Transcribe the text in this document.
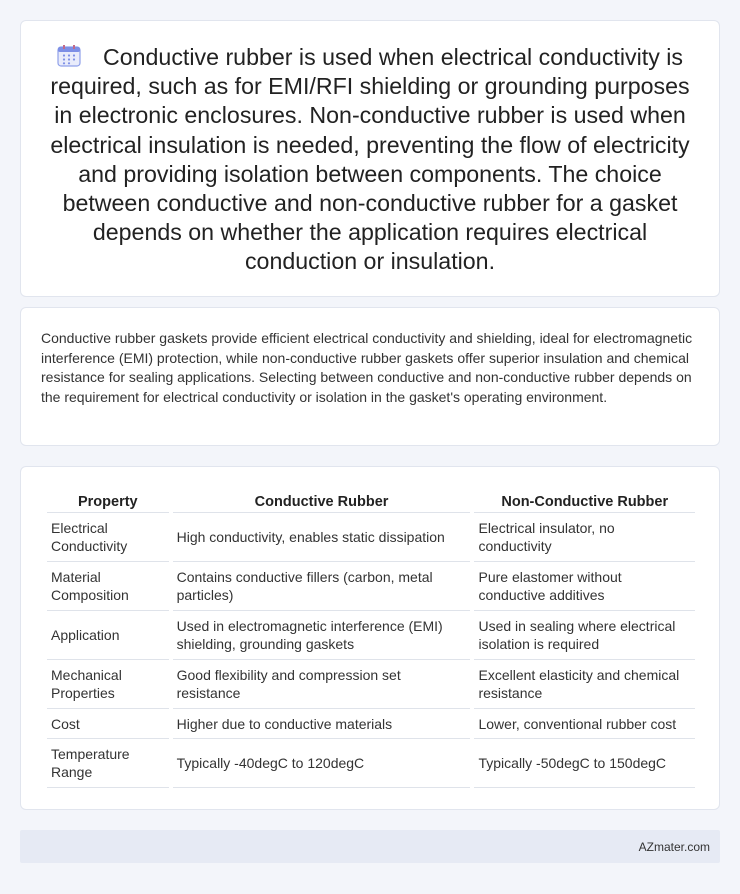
Conductive rubber is used when electrical conductivity is required, such as for EMI/RFI shielding or grounding purposes in electronic enclosures. Non-conductive rubber is used when electrical insulation is needed, preventing the flow of electricity and providing isolation between components. The choice between conductive and non-conductive rubber for a gasket depends on whether the application requires electrical conduction or insulation.

Conductive rubber gaskets provide efficient electrical conductivity and shielding, ideal for electromagnetic interference (EMI) protection, while non-conductive rubber gaskets offer superior insulation and chemical resistance for sealing applications. Selecting between conductive and non-conductive rubber depends on the requirement for electrical conductivity or isolation in the gasket's operating environment.

Property	Conductive Rubber	Non-Conductive Rubber
Electrical Conductivity	High conductivity, enables static dissipation	Electrical insulator, no conductivity
Material Composition	Contains conductive fillers (carbon, metal particles)	Pure elastomer without conductive additives
Application	Used in electromagnetic interference (EMI) shielding, grounding gaskets	Used in sealing where electrical isolation is required
Mechanical Properties	Good flexibility and compression set resistance	Excellent elasticity and chemical resistance
Cost	Higher due to conductive materials	Lower, conventional rubber cost
Temperature Range	Typically -40degC to 120degC	Typically -50degC to 150degC
AZmater.com
